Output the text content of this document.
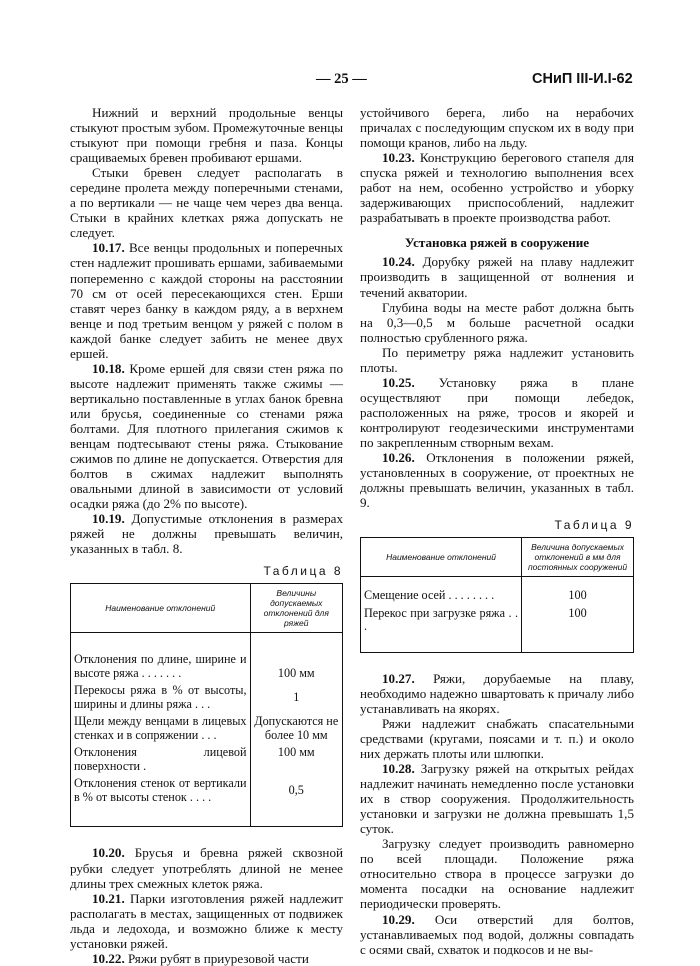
— 25 —	СНиП III-И.I-62

Нижний и верхний продольные венцы стыкуют простым зубом. Промежуточные венцы стыкуют при помощи гребня и паза. Концы сращиваемых бревен пробивают ершами.

Стыки бревен следует располагать в середине пролета между поперечными стенами, а по вертикали — не чаще чем через два венца. Стыки в крайних клетках ряжа допускать не следует.

10.17. Все венцы продольных и поперечных стен надлежит прошивать ершами, забиваемыми попеременно с каждой стороны на расстоянии 70 см от осей пересекающихся стен. Ерши ставят через банку в каждом ряду, а в верхнем венце и под третьим венцом у ряжей с полом в каждой банке следует забить не менее двух ершей.

10.18. Кроме ершей для связи стен ряжа по высоте надлежит применять также сжимы — вертикально поставленные в углах банок бревна или брусья, соединенные со стенами ряжа болтами. Для плотного прилегания сжимов к венцам подтесывают стены ряжа. Стыкование сжимов по длине не допускается. Отверстия для болтов в сжимах надлежит выполнять овальными длиной в зависимости от условий осадки ряжа (до 2% по высоте).

10.19. Допустимые отклонения в размерах ряжей не должны превышать величин, указанных в табл. 8.

Таблица 8
Наименование отклонений	Величины допускаемых отклонений для ряжей

Отклонения по длине, ширине и высоте ряжа . . . . . . .	100 мм
Перекосы ряжа в % от высоты, ширины и длины ряжа . . .	1
Щели между венцами в лицевых стенках и в сопряжении . . .	Допускаются не более 10 мм
Отклонения лицевой поверхности .	100 мм
Отклонения стенок от вертикали в % от высоты стенок . . . .	0,5

10.20. Брусья и бревна ряжей сквозной рубки следует употреблять длиной не менее длины трех смежных клеток ряжа.

10.21. Парки изготовления ряжей надлежит располагать в местах, защищенных от подвижек льда и ледохода, и возможно ближе к месту установки ряжей.

10.22. Ряжи рубят в приурезовой части

устойчивого берега, либо на нерабочих причалах с последующим спуском их в воду при помощи кранов, либо на льду.

10.23. Конструкцию берегового стапеля для спуска ряжей и технологию выполнения всех работ на нем, особенно устройство и уборку задерживающих приспособлений, надлежит разрабатывать в проекте производства работ.

Установка ряжей в сооружение

10.24. Дорубку ряжей на плаву надлежит производить в защищенной от волнения и течений акватории.

Глубина воды на месте работ должна быть на 0,3—0,5 м больше расчетной осадки полностью срубленного ряжа.

По периметру ряжа надлежит установить плоты.

10.25. Установку ряжа в плане осуществляют при помощи лебедок, расположенных на ряже, тросов и якорей и контролируют геодезическими инструментами по закрепленным створным вехам.

10.26. Отклонения в положении ряжей, установленных в сооружение, от проектных не должны превышать величин, указанных в табл. 9.

Таблица 9
Наименование отклонений	Величина допускаемых отклонений в мм для постоянных сооружений

Смещение осей . . . . . . . .	100
Перекос при загрузке ряжа . . .	100

10.27. Ряжи, дорубаемые на плаву, необходимо надежно швартовать к причалу либо устанавливать на якорях.

Ряжи надлежит снабжать спасательными средствами (кругами, поясами и т. п.) и около них держать плоты или шлюпки.

10.28. Загрузку ряжей на открытых рейдах надлежит начинать немедленно после установки их в створ сооружения. Продолжительность установки и загрузки не должна превышать 1,5 суток.

Загрузку следует производить равномерно по всей площади. Положение ряжа относительно створа в процессе загрузки до момента посадки на основание надлежит периодически проверять.

10.29. Оси отверстий для болтов, устанавливаемых под водой, должны совпадать с осями свай, схваток и подкосов и не вы-
